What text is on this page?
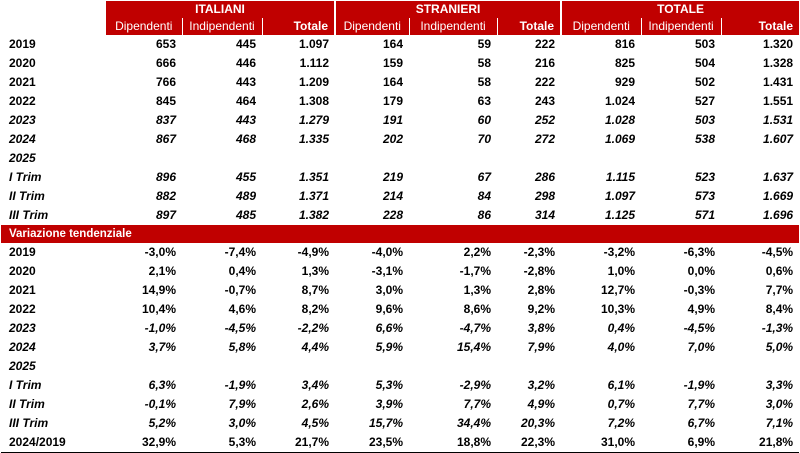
	ITALIANI			STRANIERI			TOTALE		
	Dipendenti	Indipendenti	Totale	Dipendenti	Indipendenti	Totale	Dipendenti	Indipendenti	Totale
2019	653	445	1.097	164	59	222	816	503	1.320
2020	666	446	1.112	159	58	216	825	504	1.328
2021	766	443	1.209	164	58	222	929	502	1.431
2022	845	464	1.308	179	63	243	1.024	527	1.551
2023	837	443	1.279	191	60	252	1.028	503	1.531
2024	867	468	1.335	202	70	272	1.069	538	1.607
2025									
I Trim	896	455	1.351	219	67	286	1.115	523	1.637
II Trim	882	489	1.371	214	84	298	1.097	573	1.669
III Trim	897	485	1.382	228	86	314	1.125	571	1.696
Variazione tendenziale									
2019	-3,0%	-7,4%	-4,9%	-4,0%	2,2%	-2,3%	-3,2%	-6,3%	-4,5%
2020	2,1%	0,4%	1,3%	-3,1%	-1,7%	-2,8%	1,0%	0,0%	0,6%
2021	14,9%	-0,7%	8,7%	3,0%	1,3%	2,8%	12,7%	-0,3%	7,7%
2022	10,4%	4,6%	8,2%	9,6%	8,6%	9,2%	10,3%	4,9%	8,4%
2023	-1,0%	-4,5%	-2,2%	6,6%	-4,7%	3,8%	0,4%	-4,5%	-1,3%
2024	3,7%	5,8%	4,4%	5,9%	15,4%	7,9%	4,0%	7,0%	5,0%
2025									
I Trim	6,3%	-1,9%	3,4%	5,3%	-2,9%	3,2%	6,1%	-1,9%	3,3%
II Trim	-0,1%	7,9%	2,6%	3,9%	7,7%	4,9%	0,7%	7,7%	3,0%
III Trim	5,2%	3,0%	4,5%	15,7%	34,4%	20,3%	7,2%	6,7%	7,1%
2024/2019	32,9%	5,3%	21,7%	23,5%	18,8%	22,3%	31,0%	6,9%	21,8%
